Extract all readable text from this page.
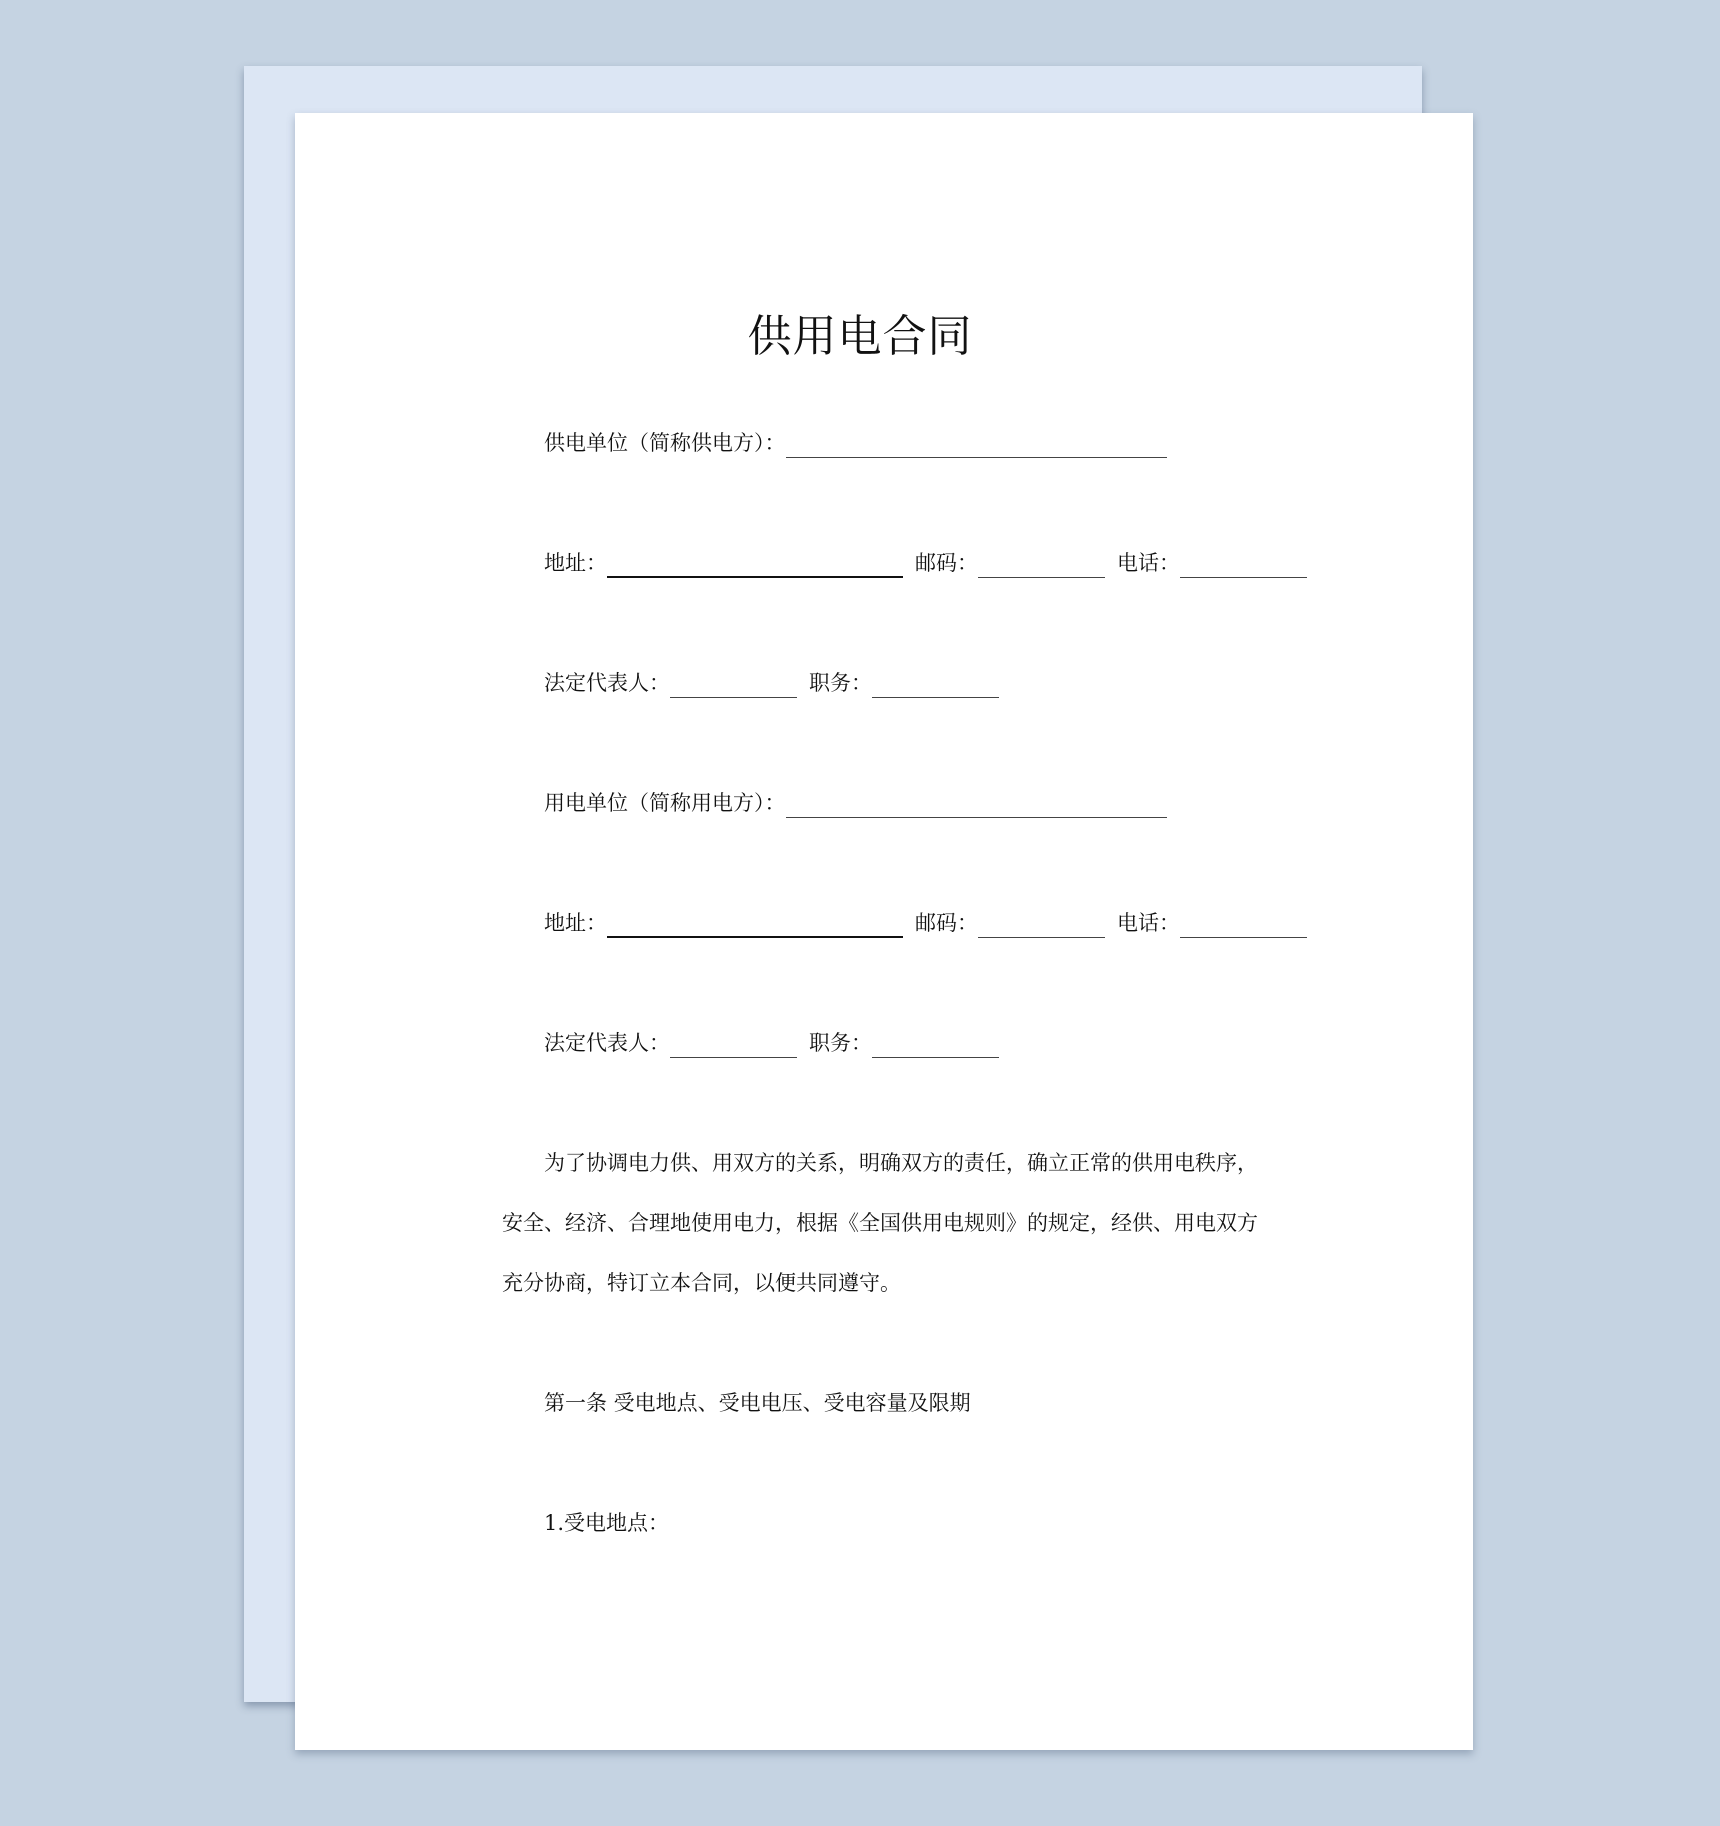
供用电合同
供电单位（简称供电方）：
地址：	邮码：	电话：
法定代表人：	职务：
用电单位（简称用电方）：
地址：	邮码：	电话：
法定代表人：	职务：
为了协调电力供、用双方的关系，明确双方的责任，确立正常的供用电秩序，
安全、经济、合理地使用电力，根据《全国供用电规则》的规定，经供、用电双方
充分协商，特订立本合同，以便共同遵守。
第一条 受电地点、受电电压、受电容量及限期
1.受电地点：
